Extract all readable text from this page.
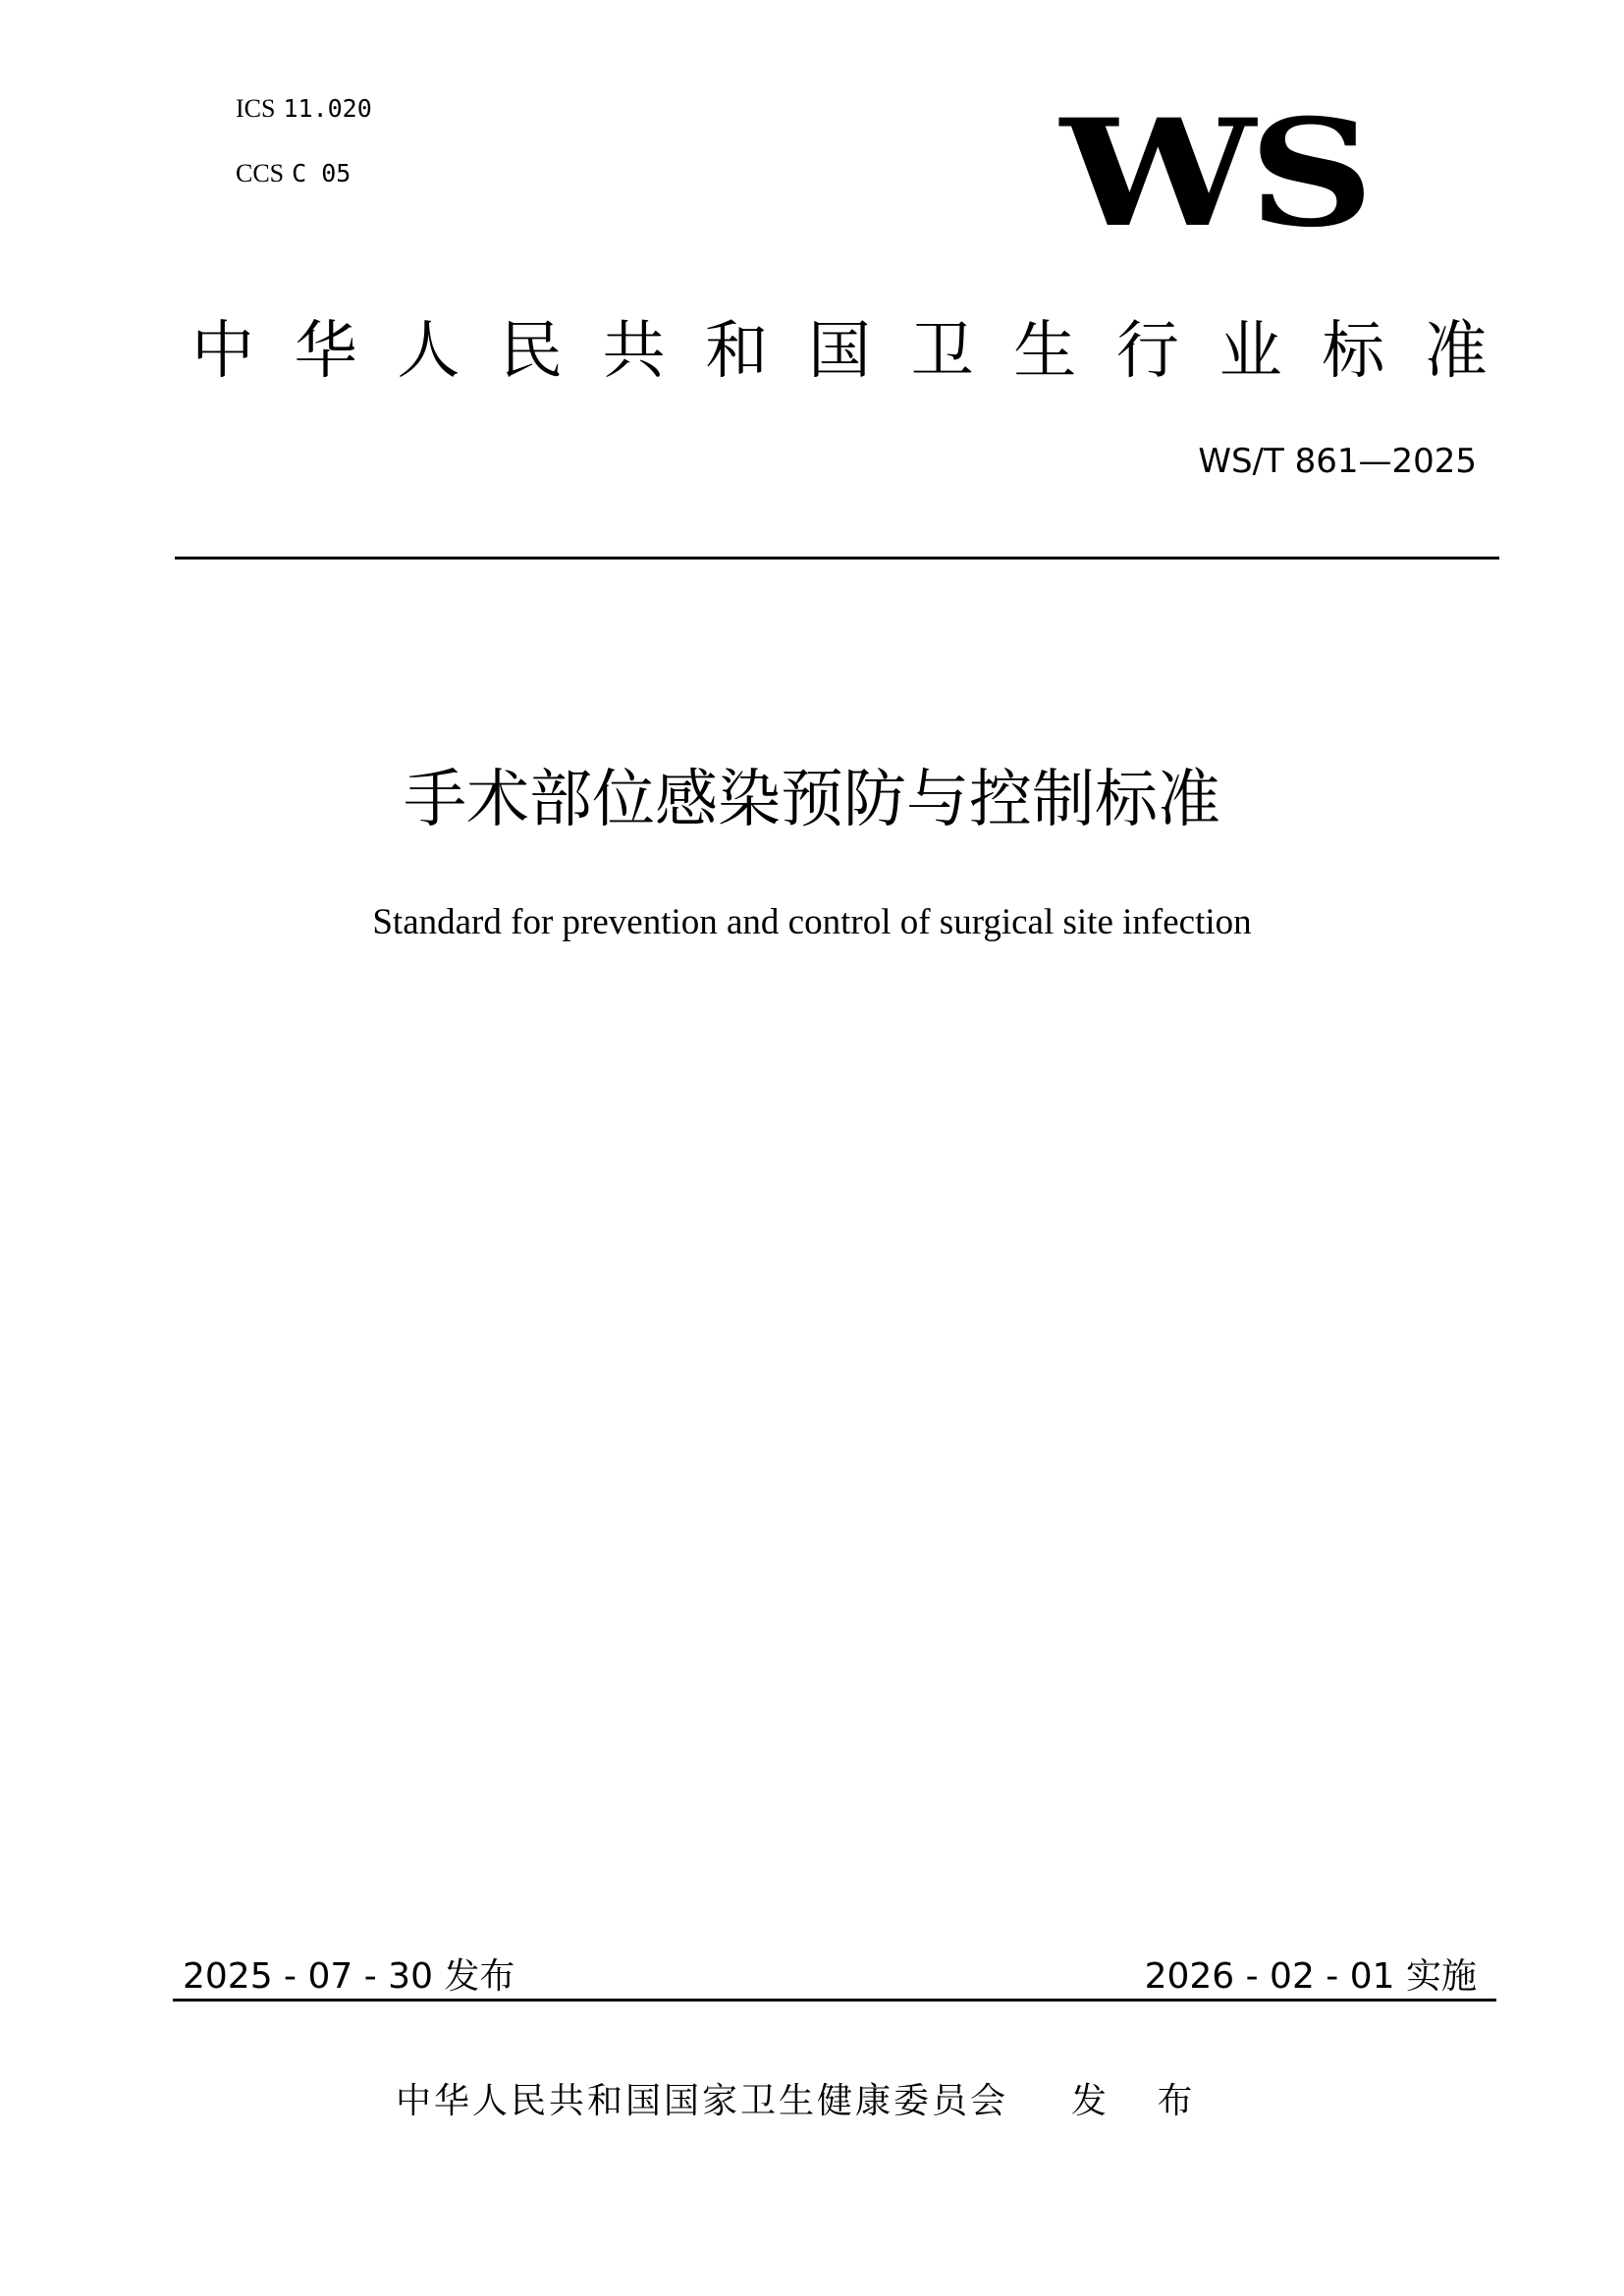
ICS 11.020
CCS C 05	WS
中 华 人 民 共 和 国 卫 生 行 业 标 准
WS/T 861—2025
手术部位感染预防与控制标准
Standard for prevention and control of surgical site infection
2025 - 07 - 30 发布	2026 - 02 - 01 实施
中华人民共和国国家卫生健康委员会 发 布
